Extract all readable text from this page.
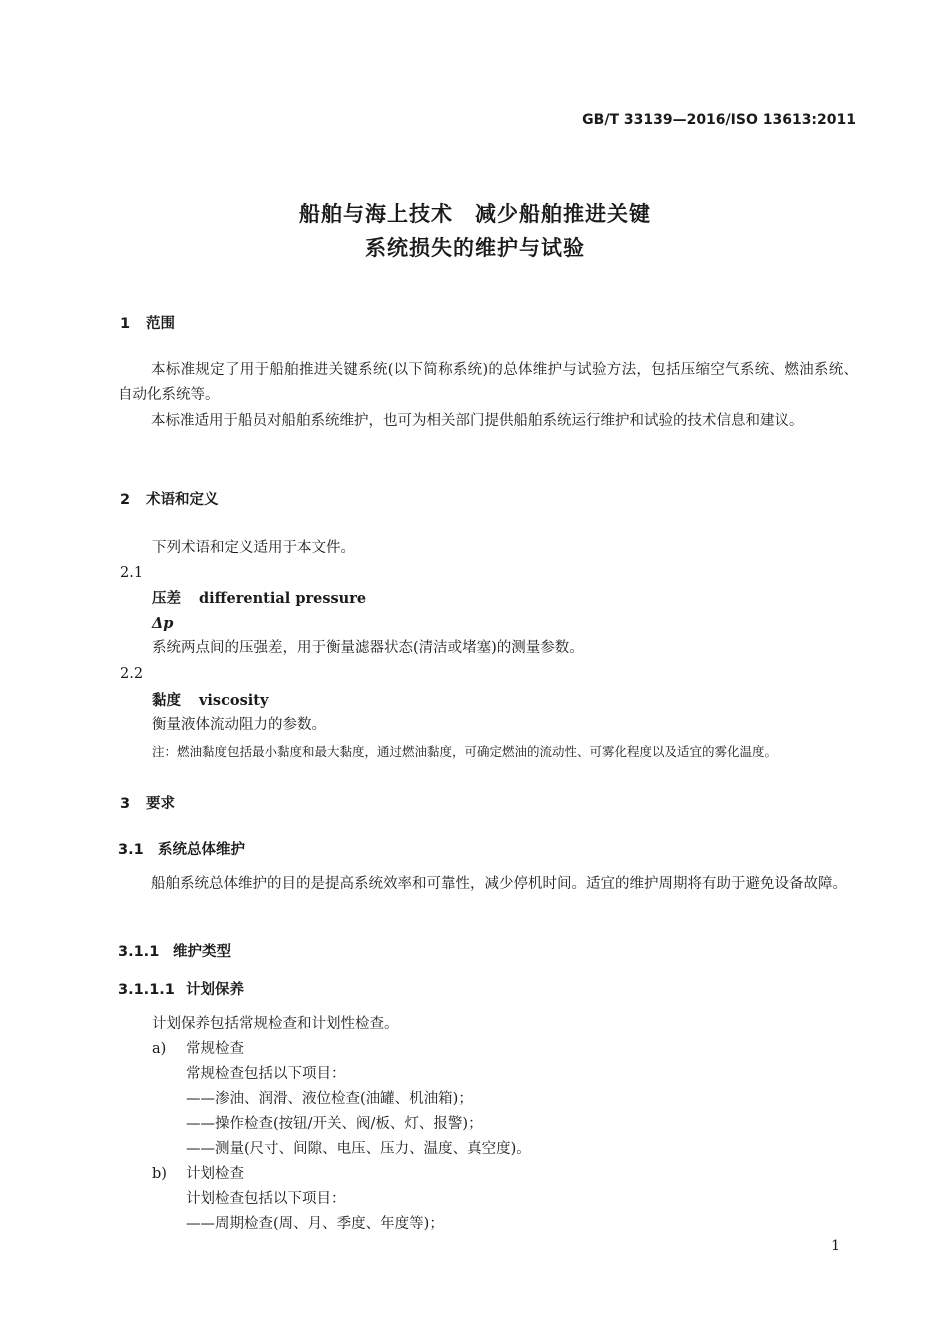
GB/T 33139—2016/ISO 13613:2011
船舶与海上技术　减少船舶推进关键
系统损失的维护与试验
1 范围
本标准规定了用于船舶推进关键系统(以下简称系统)的总体维护与试验方法，包括压缩空气系统、燃油系统、自动化系统等。
本标准适用于船员对船舶系统维护，也可为相关部门提供船舶系统运行维护和试验的技术信息和建议。
2 术语和定义
下列术语和定义适用于本文件。
2.1
压差 differential pressure
Δp
系统两点间的压强差，用于衡量滤器状态(清洁或堵塞)的测量参数。
2.2
黏度 viscosity
衡量液体流动阻力的参数。
注：燃油黏度包括最小黏度和最大黏度，通过燃油黏度，可确定燃油的流动性、可雾化程度以及适宜的雾化温度。
3 要求
3.1 系统总体维护
船舶系统总体维护的目的是提高系统效率和可靠性，减少停机时间。适宜的维护周期将有助于避免设备故障。
3.1.1 维护类型
3.1.1.1 计划保养
计划保养包括常规检查和计划性检查。
a) 常规检查
常规检查包括以下项目：
——渗油、润滑、液位检查(油罐、机油箱)；
——操作检查(按钮/开关、阀/板、灯、报警)；
——测量(尺寸、间隙、电压、压力、温度、真空度)。
b) 计划检查
计划检查包括以下项目：
——周期检查(周、月、季度、年度等)；
1
